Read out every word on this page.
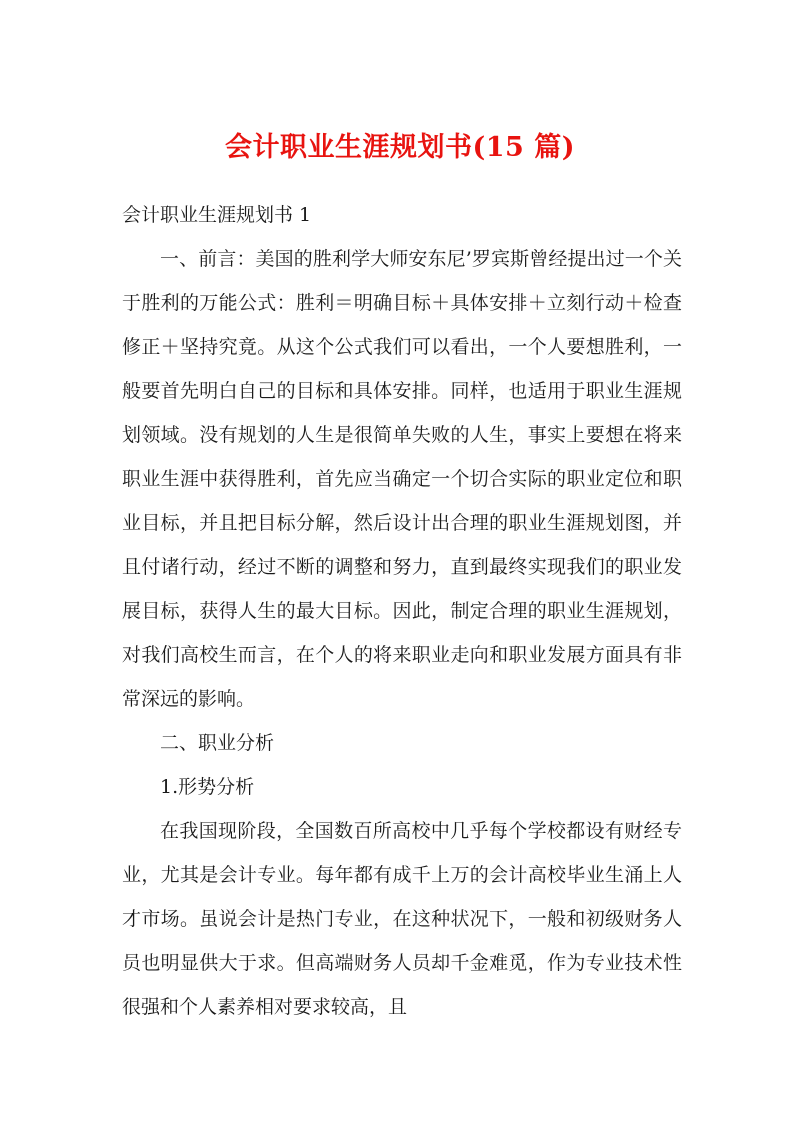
会计职业生涯规划书(15 篇)

会计职业生涯规划书 1

一、前言：美国的胜利学大师安东尼’罗宾斯曾经提出过一个关于胜利的万能公式：胜利＝明确目标＋具体安排＋立刻行动＋检查修正＋坚持究竟。从这个公式我们可以看出，一个人要想胜利，一般要首先明白自己的目标和具体安排。同样，也适用于职业生涯规划领域。没有规划的人生是很简单失败的人生，事实上要想在将来职业生涯中获得胜利，首先应当确定一个切合实际的职业定位和职业目标，并且把目标分解，然后设计出合理的职业生涯规划图，并且付诸行动，经过不断的调整和努力，直到最终实现我们的职业发展目标，获得人生的最大目标。因此，制定合理的职业生涯规划，对我们高校生而言，在个人的将来职业走向和职业发展方面具有非常深远的影响。

二、职业分析

1.形势分析

在我国现阶段，全国数百所高校中几乎每个学校都设有财经专业，尤其是会计专业。每年都有成千上万的会计高校毕业生涌上人才市场。虽说会计是热门专业，在这种状况下，一般和初级财务人员也明显供大于求。但高端财务人员却千金难觅，作为专业技术性很强和个人素养相对要求较高，且
